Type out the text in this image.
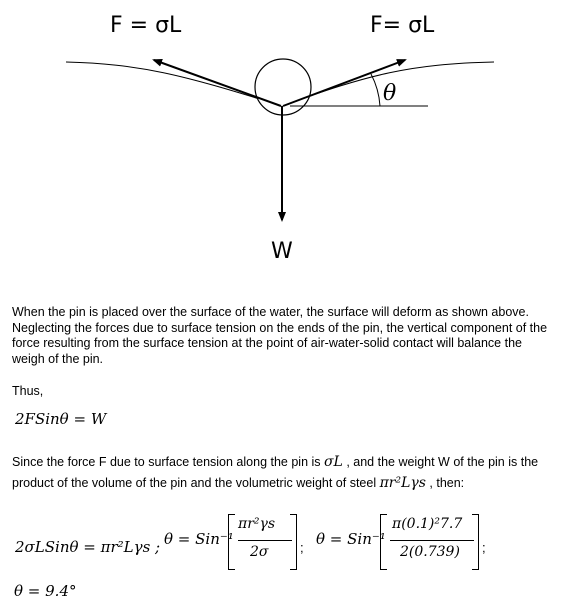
F = σL	F= σL
θ
W

When the pin is placed over the surface of the water, the surface will deform as shown above. Neglecting the forces due to surface tension on the ends of the pin, the vertical component of the force resulting from the surface tension at the point of air-water-solid contact will balance the weigh of the pin.

Thus,

2FSinθ = W

Since the force F due to surface tension along the pin is σL , and the weight W of the pin is the product of the volume of the pin and the volumetric weight of steel πr²Lγs , then:

2σLSinθ = πr²Lγs ; θ = Sin⁻¹
πr²γs
2σ ; θ = Sin⁻¹
π(0.1)²7.7
2(0.739) ;
θ = 9.4°
